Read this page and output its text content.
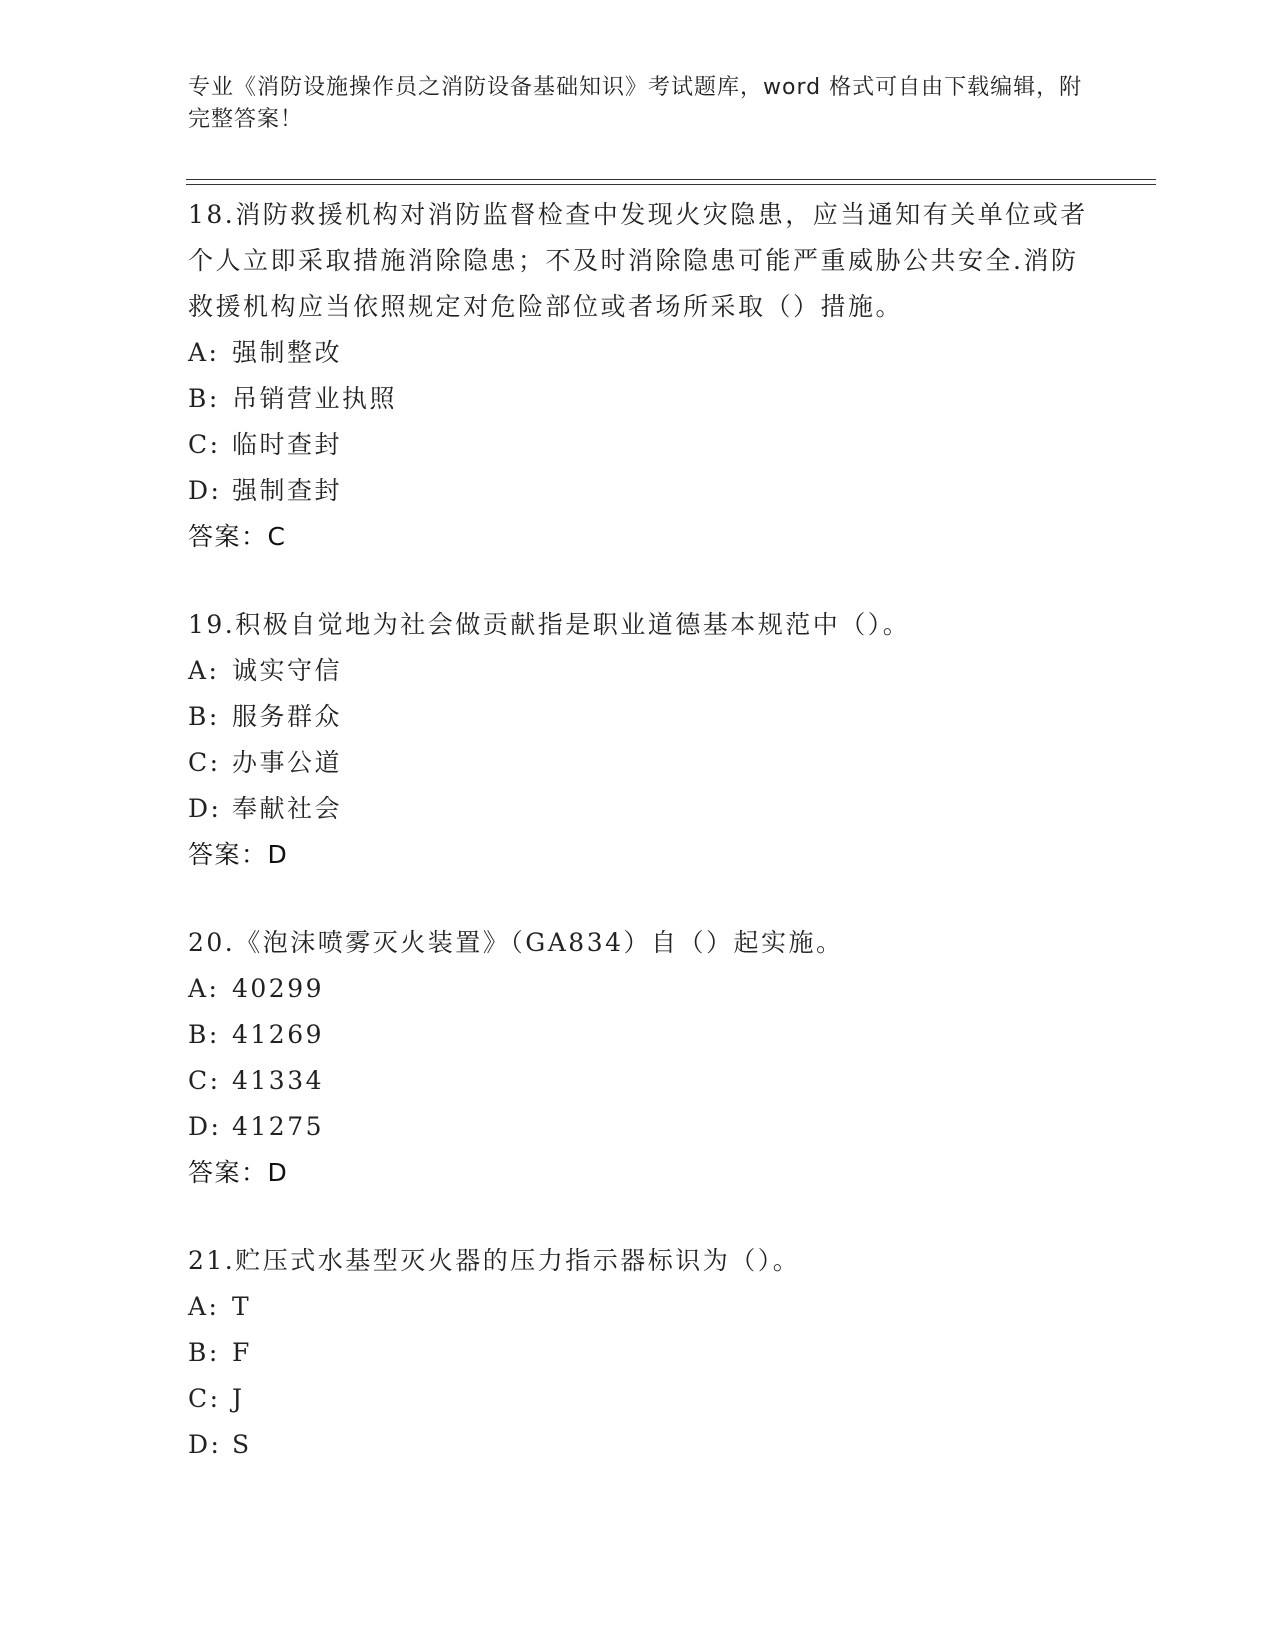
专业《消防设施操作员之消防设备基础知识》考试题库，word 格式可自由下载编辑，附完整答案！

18.消防救援机构对消防监督检查中发现火灾隐患，应当通知有关单位或者个人立即采取措施消除隐患；不及时消除隐患可能严重威胁公共安全.消防救援机构应当依照规定对危险部位或者场所采取（）措施。

A: 强制整改

B: 吊销营业执照

C: 临时查封

D: 强制查封

答案：C

19.积极自觉地为社会做贡献指是职业道德基本规范中（）。

A: 诚实守信

B: 服务群众

C: 办事公道

D: 奉献社会

答案：D

20.《泡沫喷雾灭火装置》（GA834）自（）起实施。

A: 40299

B: 41269

C: 41334

D: 41275

答案：D

21.贮压式水基型灭火器的压力指示器标识为（）。

A: T

B: F

C: J

D: S
